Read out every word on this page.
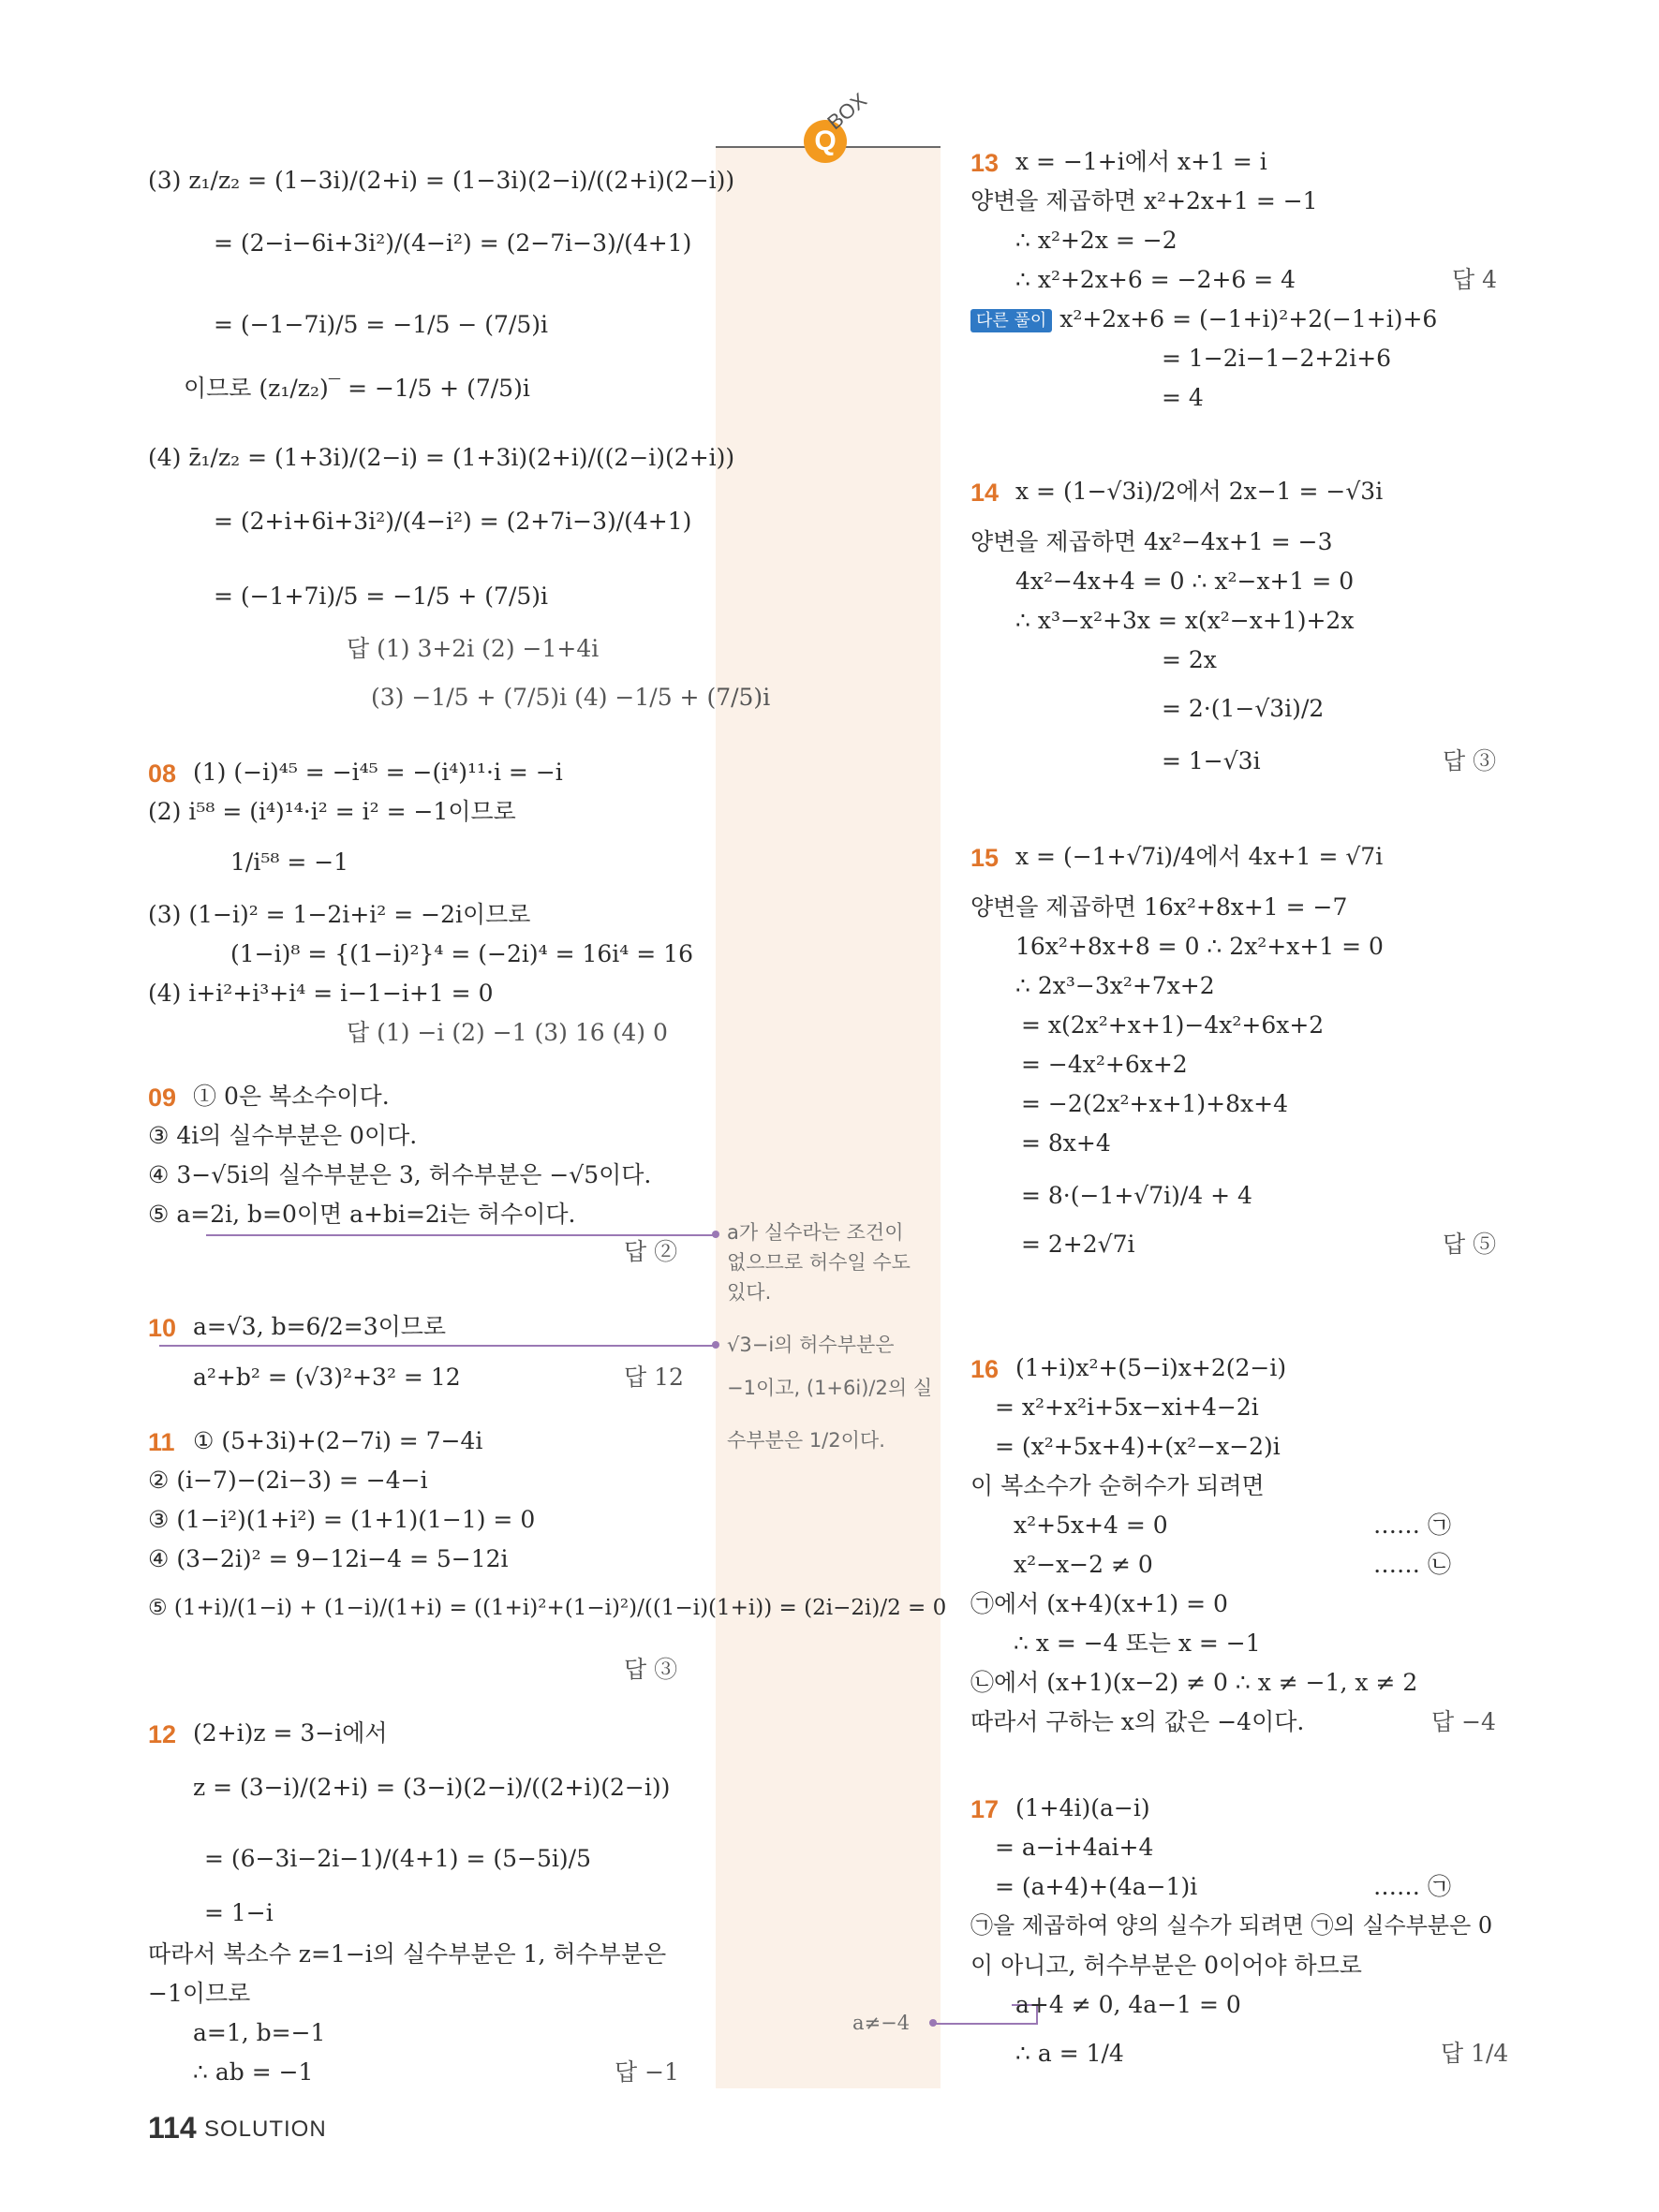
Q
BOX
(3) z₁/z₂ = (1−3i)/(2+i) = (1−3i)(2−i)/((2+i)(2−i))
= (2−i−6i+3i²)/(4−i²) = (2−7i−3)/(4+1)
= (−1−7i)/5 = −1/5 − (7/5)i
이므로 (z₁/z₂)‾ = −1/5 + (7/5)i
(4) z̄₁/z₂ = (1+3i)/(2−i) = (1+3i)(2+i)/((2−i)(2+i))
= (2+i+6i+3i²)/(4−i²) = (2+7i−3)/(4+1)
= (−1+7i)/5 = −1/5 + (7/5)i
답 (1) 3+2i (2) −1+4i
(3) −1/5 + (7/5)i (4) −1/5 + (7/5)i
08 (1) (−i)⁴⁵ = −i⁴⁵ = −(i⁴)¹¹·i = −i
(2) i⁵⁸ = (i⁴)¹⁴·i² = i² = −1이므로
1/i⁵⁸ = −1
(3) (1−i)² = 1−2i+i² = −2i이므로
(1−i)⁸ = {(1−i)²}⁴ = (−2i)⁴ = 16i⁴ = 16
(4) i+i²+i³+i⁴ = i−1−i+1 = 0
답 (1) −i (2) −1 (3) 16 (4) 0
09 ① 0은 복소수이다.
③ 4i의 실수부분은 0이다.
④ 3−√5i의 실수부분은 3, 허수부분은 −√5이다.
⑤ a=2i, b=0이면 a+bi=2i는 허수이다.
답 ②
10 a=√3, b=6/2=3이므로
a²+b² = (√3)²+3² = 12	답 12
11 ① (5+3i)+(2−7i) = 7−4i
② (i−7)−(2i−3) = −4−i
③ (1−i²)(1+i²) = (1+1)(1−1) = 0
④ (3−2i)² = 9−12i−4 = 5−12i
⑤ (1+i)/(1−i) + (1−i)/(1+i) = ((1+i)²+(1−i)²)/((1−i)(1+i)) = (2i−2i)/2 = 0
답 ③
12 (2+i)z = 3−i에서
z = (3−i)/(2+i) = (3−i)(2−i)/((2+i)(2−i))
= (6−3i−2i−1)/(4+1) = (5−5i)/5
= 1−i
따라서 복소수 z=1−i의 실수부분은 1, 허수부분은
−1이므로
a=1, b=−1
∴ ab = −1	답 −1
a가 실수라는 조건이
없으므로 허수일 수도
있다.
√3−i의 허수부분은
−1이고, (1+6i)/2의 실
수부분은 1/2이다.
a≠−4
13 x = −1+i에서 x+1 = i
양변을 제곱하면 x²+2x+1 = −1
∴ x²+2x = −2
∴ x²+2x+6 = −2+6 = 4	답 4
다른 풀이 x²+2x+6 = (−1+i)²+2(−1+i)+6
= 1−2i−1−2+2i+6
= 4
14 x = (1−√3i)/2에서 2x−1 = −√3i
양변을 제곱하면 4x²−4x+1 = −3
4x²−4x+4 = 0 ∴ x²−x+1 = 0
∴ x³−x²+3x = x(x²−x+1)+2x
= 2x
= 2·(1−√3i)/2
= 1−√3i	답 ③
15 x = (−1+√7i)/4에서 4x+1 = √7i
양변을 제곱하면 16x²+8x+1 = −7
16x²+8x+8 = 0 ∴ 2x²+x+1 = 0
∴ 2x³−3x²+7x+2
= x(2x²+x+1)−4x²+6x+2
= −4x²+6x+2
= −2(2x²+x+1)+8x+4
= 8x+4
= 8·(−1+√7i)/4 + 4
= 2+2√7i	답 ⑤
16 (1+i)x²+(5−i)x+2(2−i)
= x²+x²i+5x−xi+4−2i
= (x²+5x+4)+(x²−x−2)i
이 복소수가 순허수가 되려면
x²+5x+4 = 0	…… ㉠
x²−x−2 ≠ 0	…… ㉡
㉠에서 (x+4)(x+1) = 0
∴ x = −4 또는 x = −1
㉡에서 (x+1)(x−2) ≠ 0 ∴ x ≠ −1, x ≠ 2
따라서 구하는 x의 값은 −4이다.	답 −4
17 (1+4i)(a−i)
= a−i+4ai+4
= (a+4)+(4a−1)i	…… ㉠
㉠을 제곱하여 양의 실수가 되려면 ㉠의 실수부분은 0
이 아니고, 허수부분은 0이어야 하므로
a+4 ≠ 0, 4a−1 = 0
∴ a = 1/4	답 1/4
114 SOLUTION
